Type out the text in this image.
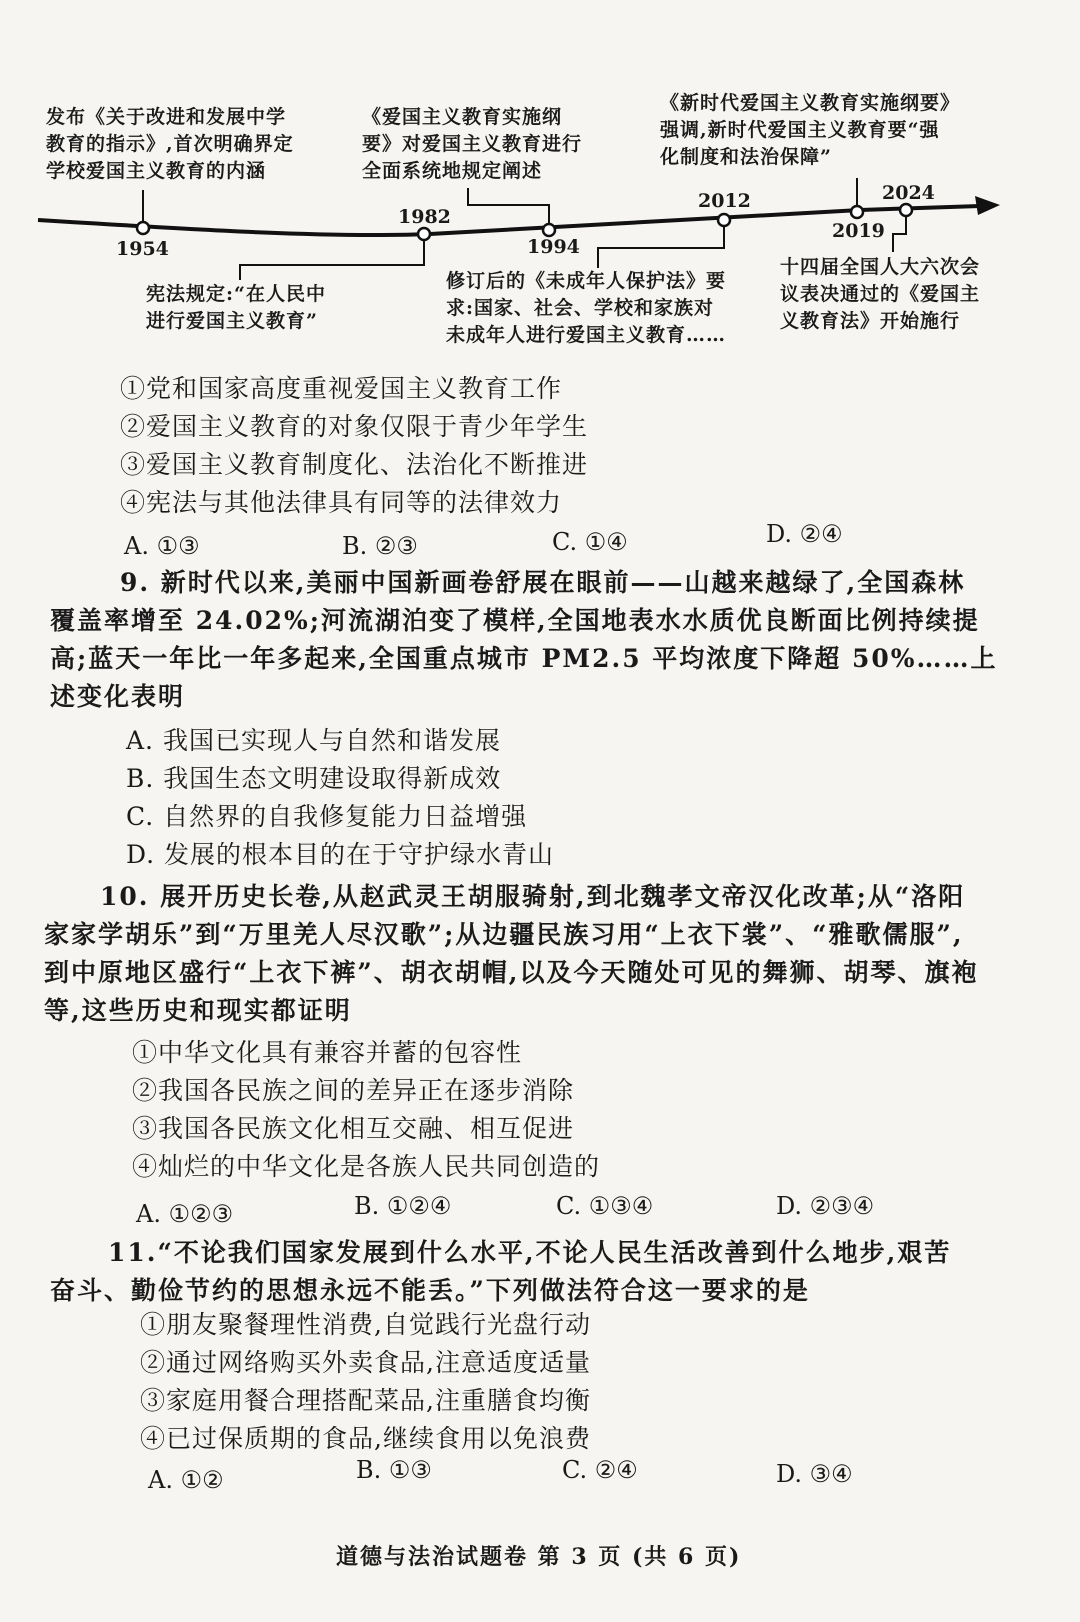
1954
1982
1994
2012
2019
2024
发布《关于改进和发展中学
教育的指示》,首次明确界定
学校爱国主义教育的内涵
宪法规定:“在人民中
进行爱国主义教育”
《爱国主义教育实施纲
要》对爱国主义教育进行
全面系统地规定阐述
修订后的《未成年人保护法》要
求:国家、社会、学校和家族对
未成年人进行爱国主义教育……
《新时代爱国主义教育实施纲要》
强调,新时代爱国主义教育要“强
化制度和法治保障”
十四届全国人大六次会
议表决通过的《爱国主
义教育法》开始施行
①党和国家高度重视爱国主义教育工作
②爱国主义教育的对象仅限于青少年学生
③爱国主义教育制度化、法治化不断推进
④宪法与其他法律具有同等的法律效力
A. ①③	B. ②③	C. ①④	D. ②④
9. 新时代以来,美丽中国新画卷舒展在眼前——山越来越绿了,全国森林
覆盖率增至 24.02%;河流湖泊变了模样,全国地表水水质优良断面比例持续提
高;蓝天一年比一年多起来,全国重点城市 PM2.5 平均浓度下降超 50%……上
述变化表明
A. 我国已实现人与自然和谐发展
B. 我国生态文明建设取得新成效
C. 自然界的自我修复能力日益增强
D. 发展的根本目的在于守护绿水青山
10. 展开历史长卷,从赵武灵王胡服骑射,到北魏孝文帝汉化改革;从“洛阳
家家学胡乐”到“万里羌人尽汉歌”;从边疆民族习用“上衣下裳”、“雅歌儒服”,
到中原地区盛行“上衣下裤”、胡衣胡帽,以及今天随处可见的舞狮、胡琴、旗袍
等,这些历史和现实都证明
①中华文化具有兼容并蓄的包容性
②我国各民族之间的差异正在逐步消除
③我国各民族文化相互交融、相互促进
④灿烂的中华文化是各族人民共同创造的
A. ①②③	B. ①②④	C. ①③④	D. ②③④
11.“不论我们国家发展到什么水平,不论人民生活改善到什么地步,艰苦
奋斗、勤俭节约的思想永远不能丢。”下列做法符合这一要求的是
①朋友聚餐理性消费,自觉践行光盘行动
②通过网络购买外卖食品,注意适度适量
③家庭用餐合理搭配菜品,注重膳食均衡
④已过保质期的食品,继续食用以免浪费
A. ①②	B. ①③	C. ②④	D. ③④
道德与法治试题卷 第 3 页 (共 6 页)
